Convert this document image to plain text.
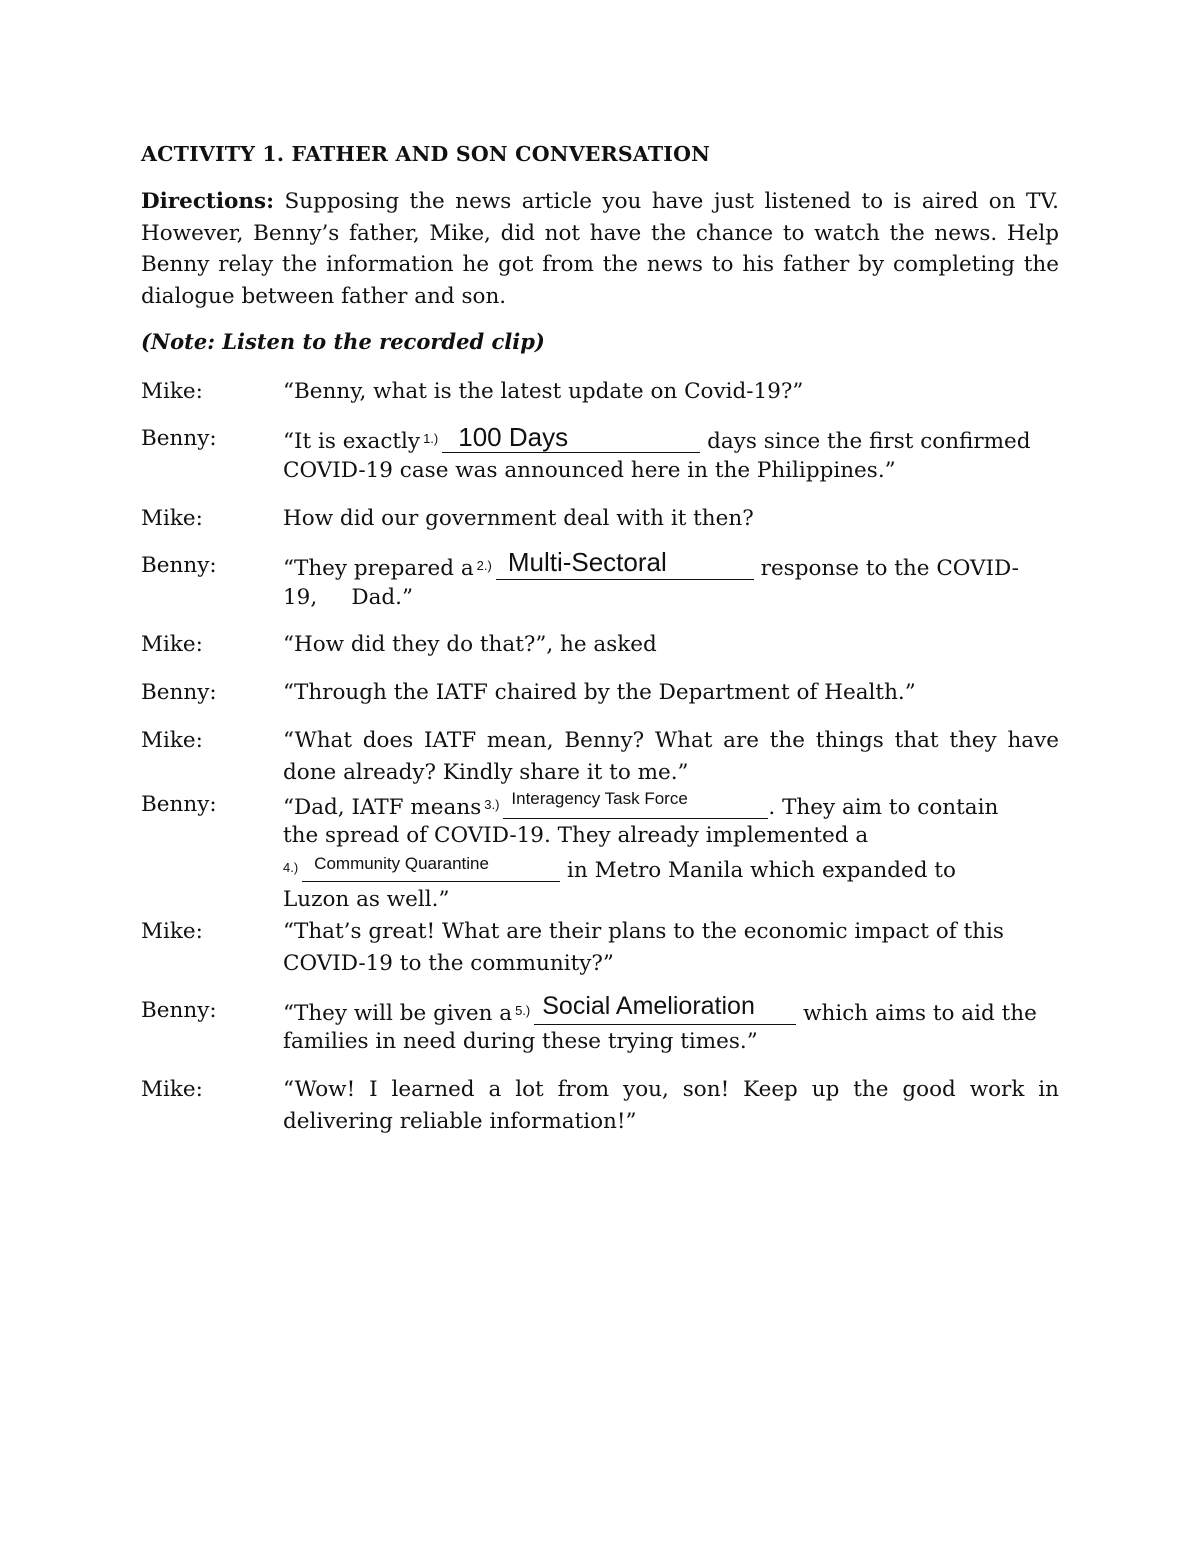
ACTIVITY 1. FATHER AND SON CONVERSATION
Directions: Supposing the news article you have just listened to is aired on TV. However, Benny’s father, Mike, did not have the chance to watch the news. Help Benny relay the information he got from the news to his father by completing the dialogue between father and son.
(Note: Listen to the recorded clip)
Mike:	“Benny, what is the latest update on Covid-19?”
Benny:	“It is exactly $^{1.)}$ 100 Days	days since the first confirmed
COVID-19 case was announced here in the Philippines.”
Mike:	How did our government deal with it then?
Benny:	“They prepared a $^{2.)}$ Multi-Sectoral	response to the COVID-
19,     Dad.”
Mike:	“How did they do that?”, he asked
Benny:	“Through the IATF chaired by the Department of Health.”
Mike:	“What does IATF mean, Benny? What are the things that they have
done already? Kindly share it to me.”
Benny:	“Dad, IATF means $^{3.)}$ Interagency Task Force	. They aim to contain
the spread of COVID-19. They already implemented a
$^{4.)}$ Community Quarantine	in Metro Manila which expanded to
Luzon as well.”
Mike:	“That’s great! What are their plans to the economic impact of this
COVID-19 to the community?”
Benny:	“They will be given a $^{5.)}$ Social Amelioration which aims to aid the
families in need during these trying times.”
Mike:	“Wow! I learned a lot from you, son! Keep up the good work in
delivering reliable information!”
